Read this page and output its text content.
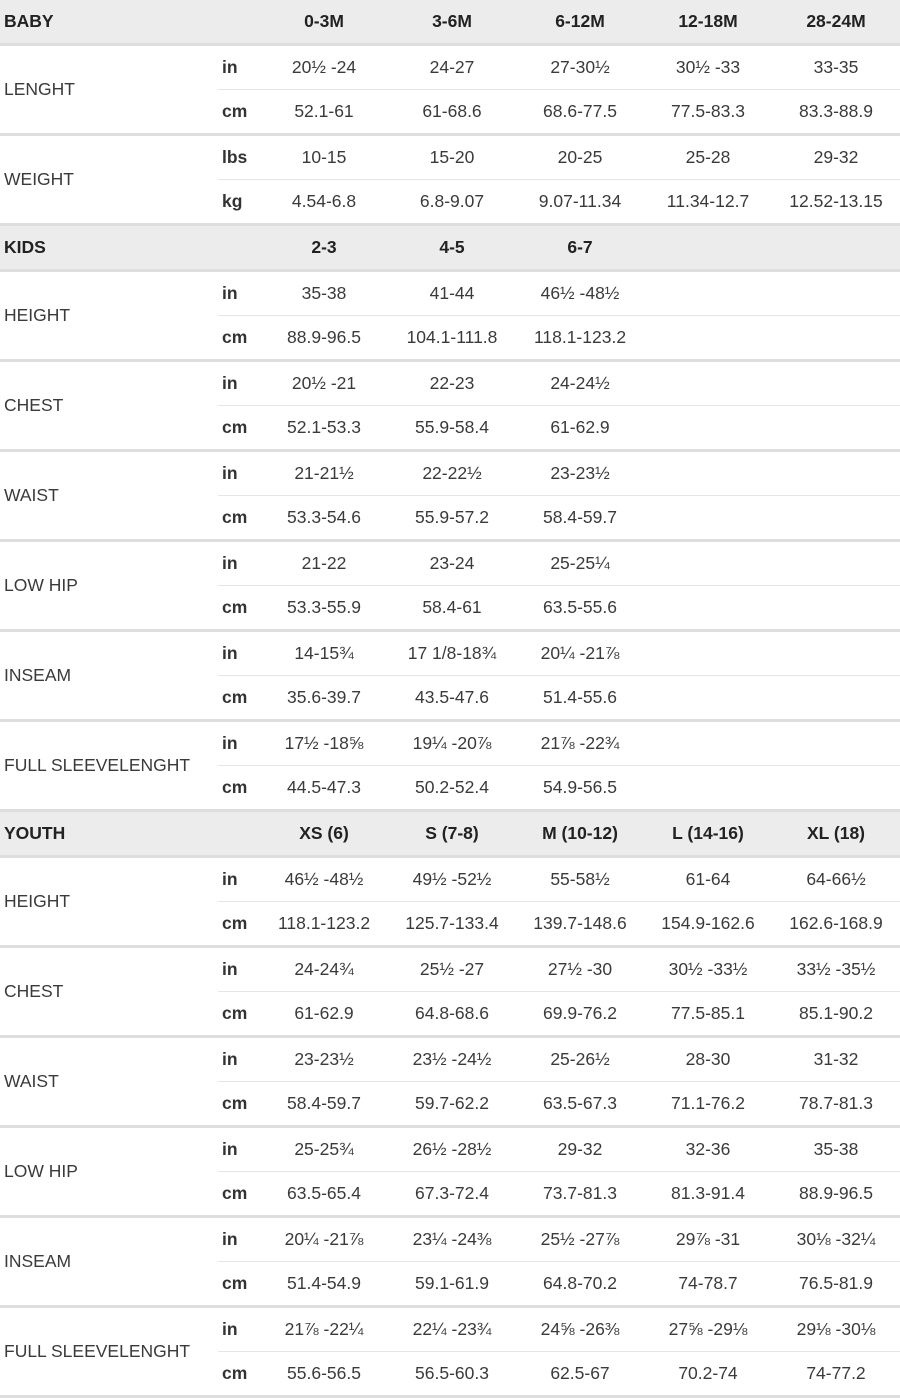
BABY	0-3M	3-6M	6-12M	12-18M	28-24M
in	20½ -24	24-27	27-30½	30½ -33	33-35
cm	52.1-61	61-68.6	68.6-77.5	77.5-83.3	83.3-88.9
LENGHT
lbs	10-15	15-20	20-25	25-28	29-32
kg	4.54-6.8	6.8-9.07	9.07-11.34	11.34-12.7	12.52-13.15
WEIGHT
KIDS	2-3	4-5	6-7
in	35-38	41-44	46½ -48½
cm	88.9-96.5	104.1-111.8	118.1-123.2
HEIGHT
in	20½ -21	22-23	24-24½
cm	52.1-53.3	55.9-58.4	61-62.9
CHEST
in	21-21½	22-22½	23-23½
cm	53.3-54.6	55.9-57.2	58.4-59.7
WAIST
in	21-22	23-24	25-25¼
cm	53.3-55.9	58.4-61	63.5-55.6
LOW HIP
in	14-15¾	17 1/8-18¾	20¼ -21⅞
cm	35.6-39.7	43.5-47.6	51.4-55.6
INSEAM
in	17½ -18⅝	19¼ -20⅞	21⅞ -22¾
cm	44.5-47.3	50.2-52.4	54.9-56.5
FULL SLEEVELENGHT
YOUTH	XS (6)	S (7-8)	M (10-12)	L (14-16)	XL (18)
in	46½ -48½	49½ -52½	55-58½	61-64	64-66½
cm	118.1-123.2	125.7-133.4	139.7-148.6	154.9-162.6	162.6-168.9
HEIGHT
in	24-24¾	25½ -27	27½ -30	30½ -33½	33½ -35½
cm	61-62.9	64.8-68.6	69.9-76.2	77.5-85.1	85.1-90.2
CHEST
in	23-23½	23½ -24½	25-26½	28-30	31-32
cm	58.4-59.7	59.7-62.2	63.5-67.3	71.1-76.2	78.7-81.3
WAIST
in	25-25¾	26½ -28½	29-32	32-36	35-38
cm	63.5-65.4	67.3-72.4	73.7-81.3	81.3-91.4	88.9-96.5
LOW HIP
in	20¼ -21⅞	23¼ -24⅜	25½ -27⅞	29⅞ -31	30⅛ -32¼
cm	51.4-54.9	59.1-61.9	64.8-70.2	74-78.7	76.5-81.9
INSEAM
in	21⅞ -22¼	22¼ -23¾	24⅝ -26⅜	27⅝ -29⅛	29⅛ -30⅛
cm	55.6-56.5	56.5-60.3	62.5-67	70.2-74	74-77.2
FULL SLEEVELENGHT
